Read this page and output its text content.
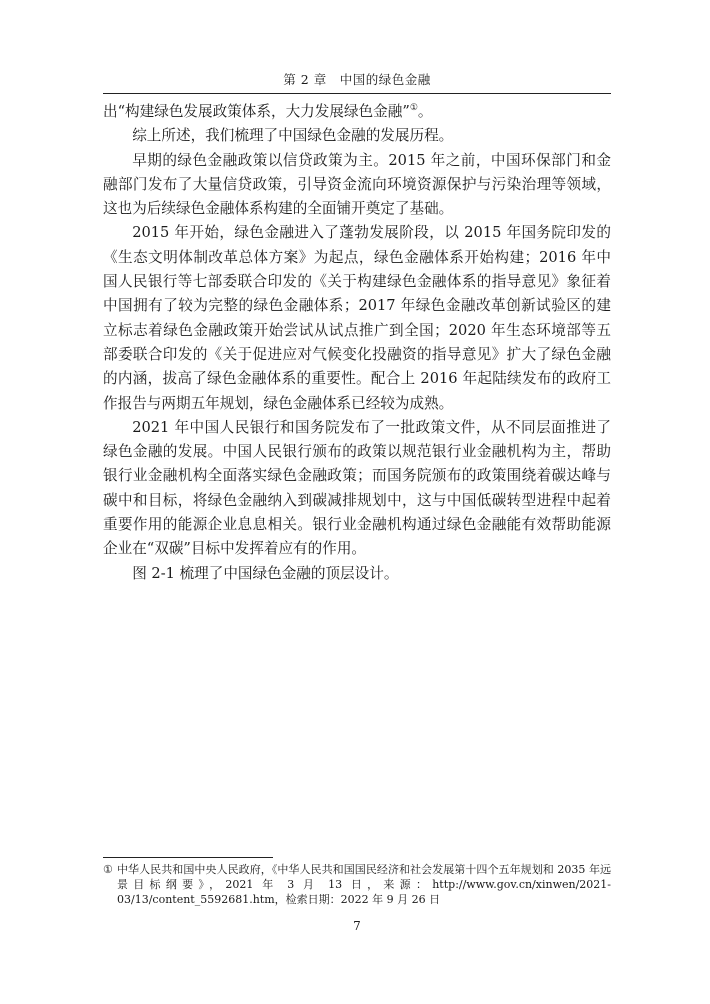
第 2 章　中国的绿色金融

出“构建绿色发展政策体系，大力发展绿色金融”①。

综上所述，我们梳理了中国绿色金融的发展历程。

早期的绿色金融政策以信贷政策为主。2015 年之前，中国环保部门和金融部门发布了大量信贷政策，引导资金流向环境资源保护与污染治理等领域，这也为后续绿色金融体系构建的全面铺开奠定了基础。

2015 年开始，绿色金融进入了蓬勃发展阶段，以 2015 年国务院印发的《生态文明体制改革总体方案》为起点，绿色金融体系开始构建；2016 年中国人民银行等七部委联合印发的《关于构建绿色金融体系的指导意见》象征着中国拥有了较为完整的绿色金融体系；2017 年绿色金融改革创新试验区的建立标志着绿色金融政策开始尝试从试点推广到全国；2020 年生态环境部等五部委联合印发的《关于促进应对气候变化投融资的指导意见》扩大了绿色金融的内涵，拔高了绿色金融体系的重要性。配合上 2016 年起陆续发布的政府工作报告与两期五年规划，绿色金融体系已经较为成熟。

2021 年中国人民银行和国务院发布了一批政策文件，从不同层面推进了绿色金融的发展。中国人民银行颁布的政策以规范银行业金融机构为主，帮助银行业金融机构全面落实绿色金融政策；而国务院颁布的政策围绕着碳达峰与碳中和目标，将绿色金融纳入到碳减排规划中，这与中国低碳转型进程中起着重要作用的能源企业息息相关。银行业金融机构通过绿色金融能有效帮助能源企业在“双碳”目标中发挥着应有的作用。

图 2-1 梳理了中国绿色金融的顶层设计。

① 中华人民共和国中央人民政府，《中华人民共和国国民经济和社会发展第十四个五年规划和 2035 年远景目标纲要》，2021 年 3 月 13 日，来源：http://www.gov.cn/xinwen/2021-03/13/content_5592681.htm，检索日期：2022 年 9 月 26 日
7
